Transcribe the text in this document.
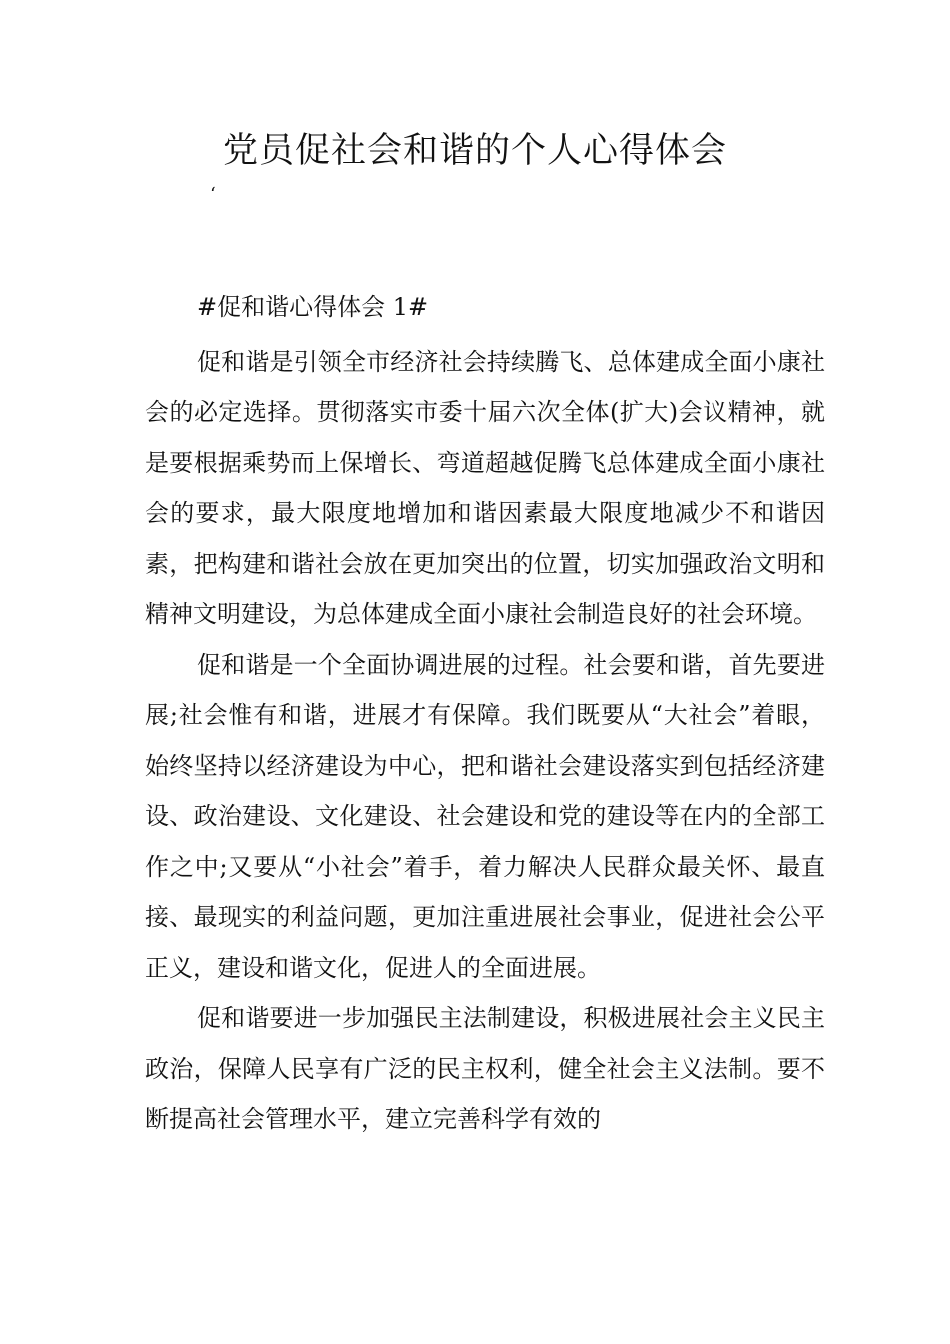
党员促社会和谐的个人心得体会
‘

#促和谐心得体会 1#

促和谐是引领全市经济社会持续腾飞、总体建成全面小康社会的必定选择。贯彻落实市委十届六次全体(扩大)会议精神，就是要根据乘势而上保增长、弯道超越促腾飞总体建成全面小康社会的要求，最大限度地增加和谐因素最大限度地减少不和谐因素，把构建和谐社会放在更加突出的位置，切实加强政治文明和精神文明建设，为总体建成全面小康社会制造良好的社会环境。

促和谐是一个全面协调进展的过程。社会要和谐，首先要进展;社会惟有和谐，进展才有保障。我们既要从“大社会”着眼，始终坚持以经济建设为中心，把和谐社会建设落实到包括经济建设、政治建设、文化建设、社会建设和党的建设等在内的全部工作之中;又要从“小社会”着手，着力解决人民群众最关怀、最直接、最现实的利益问题，更加注重进展社会事业，促进社会公平正义，建设和谐文化，促进人的全面进展。

促和谐要进一步加强民主法制建设，积极进展社会主义民主政治，保障人民享有广泛的民主权利，健全社会主义法制。要不断提高社会管理水平，建立完善科学有效的
